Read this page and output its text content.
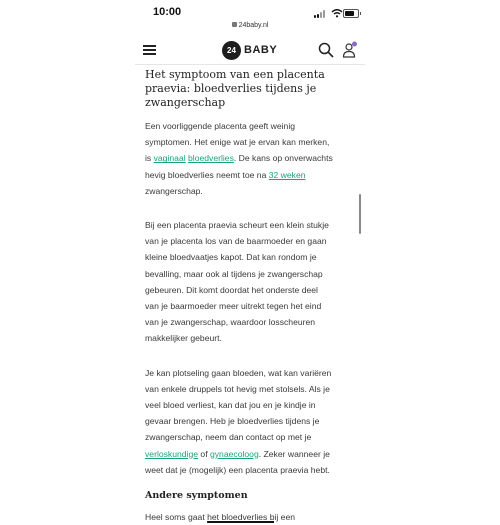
10:00
24baby.nl
24 BABY
Het symptoom van een placenta
praevia: bloedverlies tijdens je
zwangerschap

Een voorliggende placenta geeft weinig
symptomen. Het enige wat je ervan kan merken,
is vaginaal bloedverlies. De kans op onverwachts
hevig bloedverlies neemt toe na 32 weken
zwangerschap.

Bij een placenta praevia scheurt een klein stukje
van je placenta los van de baarmoeder en gaan
kleine bloedvaatjes kapot. Dat kan rondom je
bevalling, maar ook al tijdens je zwangerschap
gebeuren. Dit komt doordat het onderste deel
van je baarmoeder meer uitrekt tegen het eind
van je zwangerschap, waardoor losscheuren
makkelijker gebeurt.

Je kan plotseling gaan bloeden, wat kan variëren
van enkele druppels tot hevig met stolsels. Als je
veel bloed verliest, kan dat jou en je kindje in
gevaar brengen. Heb je bloedverlies tijdens je
zwangerschap, neem dan contact op met je
verloskundige of gynaecoloog. Zeker wanneer je
weet dat je (mogelijk) een placenta praevia hebt.

Andere symptomen

Heel soms gaat het bloedverlies bij een
